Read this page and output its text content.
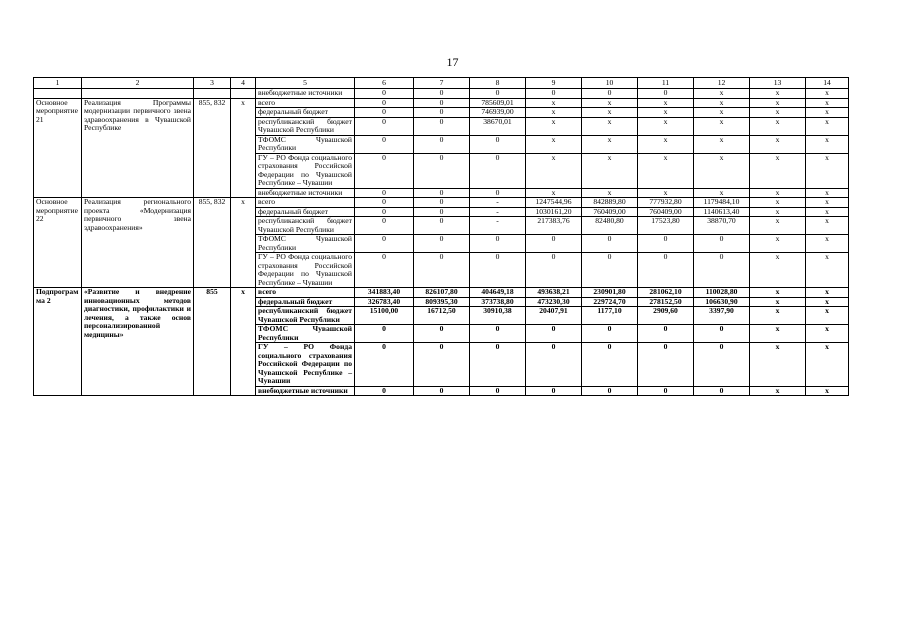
17
1	2	3	4	5	6	7	8	9	10	11	12	13	14
				внебюджетные источники	0	0	0	0	0	0	x	x	x
Основное мероприятие 21	Реализация Программы модернизации первичного звена здравоохранения в Чувашской Республике	855, 832	x	всего	0	0	785609,01	x	x	x	x	x	x
				федеральный бюджет	0	0	746939,00	x	x	x	x	x	x
				республиканский бюджет Чувашской Республики	0	0	38670,01	x	x	x	x	x	x
				ТФОМС Чувашской Республики	0	0	0	x	x	x	x	x	x
				ГУ – РО Фонда социального страхования Российской Федерации по Чувашской Республике – Чувашии	0	0	0	x	x	x	x	x	x
				внебюджетные источники	0	0	0	x	x	x	x	x	x
Основное мероприятие 22	Реализация регионального проекта «Модернизация первичного звена здравоохранения»	855, 832	x	всего	0	0	-	1247544,96	842889,80	777932,80	1179484,10	x	x
				федеральный бюджет	0	0	-	1030161,20	760409,00	760409,00	1140613,40	x	x
				республиканский бюджет Чувашской Республики	0	0	-	217383,76	82480,80	17523,80	38870,70	x	x
				ТФОМС Чувашской Республики	0	0	0	0	0	0	0	x	x
				ГУ – РО Фонда социального страхования Российской Федерации по Чувашской Республике – Чувашии	0	0	0	0	0	0	0	x	x
Подпрограмма 2	«Развитие и внедрение инновационных методов диагностики, профилактики и лечения, а также основ персонализированной медицины»	855	x	всего	341883,40	826107,80	404649,18	493638,21	230901,80	281062,10	110028,80	x	x
				федеральный бюджет	326783,40	809395,30	373738,80	473230,30	229724,70	278152,50	106630,90	x	x
				республиканский бюджет Чувашской Республики	15100,00	16712,50	30910,38	20407,91	1177,10	2909,60	3397,90	x	x
				ТФОМС Чувашской Республики	0	0	0	0	0	0	0	x	x
				ГУ – РО Фонда социального страхования Российской Федерации по Чувашской Республике – Чувашии	0	0	0	0	0	0	0	x	x
				внебюджетные источники	0	0	0	0	0	0	0	x	x
